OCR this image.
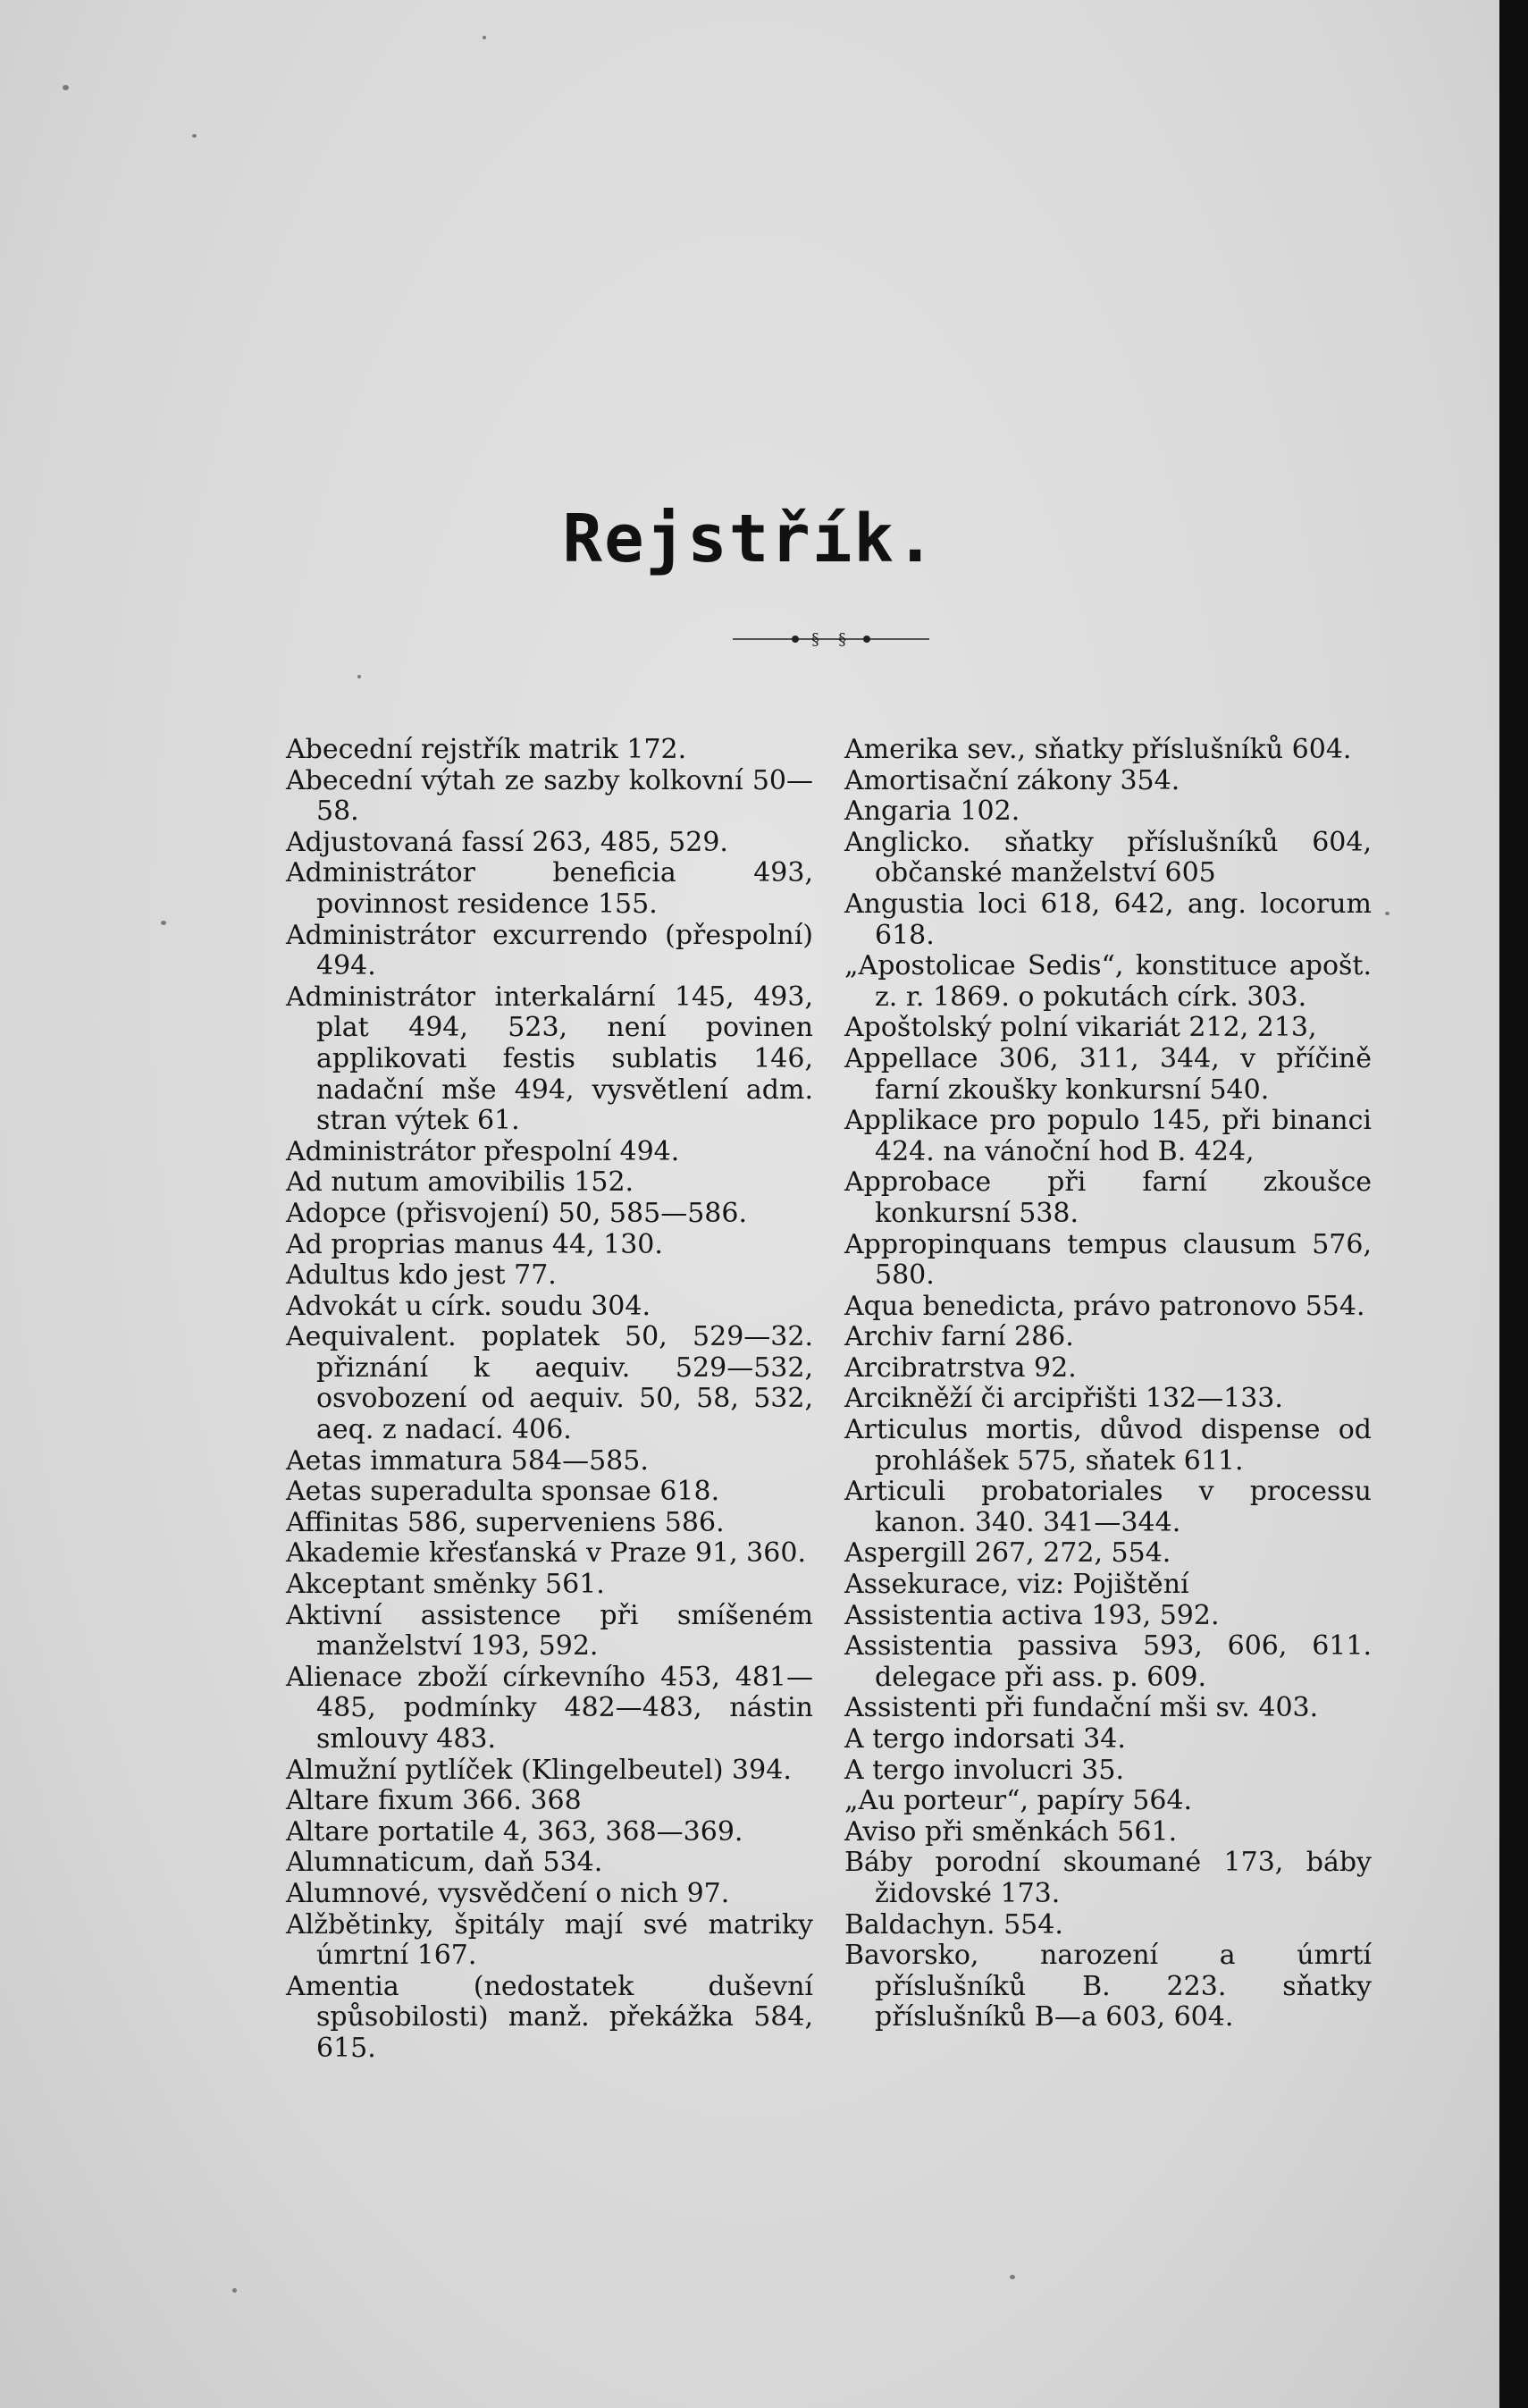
Rejstřík.
§ §

Abecední rejstřík matrik 172.

Abecední výtah ze sazby kolkovní 50—58.

Adjustovaná fassí 263, 485, 529.

Administrátor beneficia 493, povinnost residence 155.

Administrátor excurrendo (přespolní) 494.

Administrátor interkalární 145, 493, plat 494, 523, není povinen applikovati festis sublatis 146, nadační mše 494, vysvětlení adm. stran výtek 61.

Administrátor přespolní 494.

Ad nutum amovibilis 152.

Adopce (přisvojení) 50, 585—586.

Ad proprias manus 44, 130.

Adultus kdo jest 77.

Advokát u círk. soudu 304.

Aequivalent. poplatek 50, 529—32. přiznání k aequiv. 529—532, osvobození od aequiv. 50, 58, 532, aeq. z nadací. 406.

Aetas immatura 584—585.

Aetas superadulta sponsae 618.

Affinitas 586, superveniens 586.

Akademie křesťanská v Praze 91, 360.

Akceptant směnky 561.

Aktivní assistence při smíšeném manželství 193, 592.

Alienace zboží církevního 453, 481—485, podmínky 482—483, nástin smlouvy 483.

Almužní pytlíček (Klingelbeutel) 394.

Altare fixum 366. 368

Altare portatile 4, 363, 368—369.

Alumnaticum, daň 534.

Alumnové, vysvědčení o nich 97.

Alžbětinky, špitály mají své matriky úmrtní 167.

Amentia (nedostatek duševní spůsobilosti) manž. překážka 584, 615.

Amerika sev., sňatky příslušníků 604.

Amortisační zákony 354.

Angaria 102.

Anglicko. sňatky příslušníků 604, občanské manželství 605

Angustia loci 618, 642, ang. locorum 618.

„Apostolicae Sedis“, konstituce apošt. z. r. 1869. o pokutách círk. 303.

Apoštolský polní vikariát 212, 213,

Appellace 306, 311, 344, v příčině farní zkoušky konkursní 540.

Applikace pro populo 145, při binanci 424. na vánoční hod B. 424,

Approbace při farní zkoušce konkursní 538.

Appropinquans tempus clausum 576, 580.

Aqua benedicta, právo patronovo 554.

Archiv farní 286.

Arcibratrstva 92.

Arcikněží či arcipřišti 132—133.

Articulus mortis, důvod dispense od prohlášek 575, sňatek 611.

Articuli probatoriales v processu kanon. 340. 341—344.

Aspergill 267, 272, 554.

Assekurace, viz: Pojištění

Assistentia activa 193, 592.

Assistentia passiva 593, 606, 611. delegace při ass. p. 609.

Assistenti při fundační mši sv. 403.

A tergo indorsati 34.

A tergo involucri 35.

„Au porteur“, papíry 564.

Aviso při směnkách 561.

Báby porodní skoumané 173, báby židovské 173.

Baldachyn. 554.

Bavorsko, narození a úmrtí příslušníků B. 223. sňatky příslušníků B—a 603, 604.
